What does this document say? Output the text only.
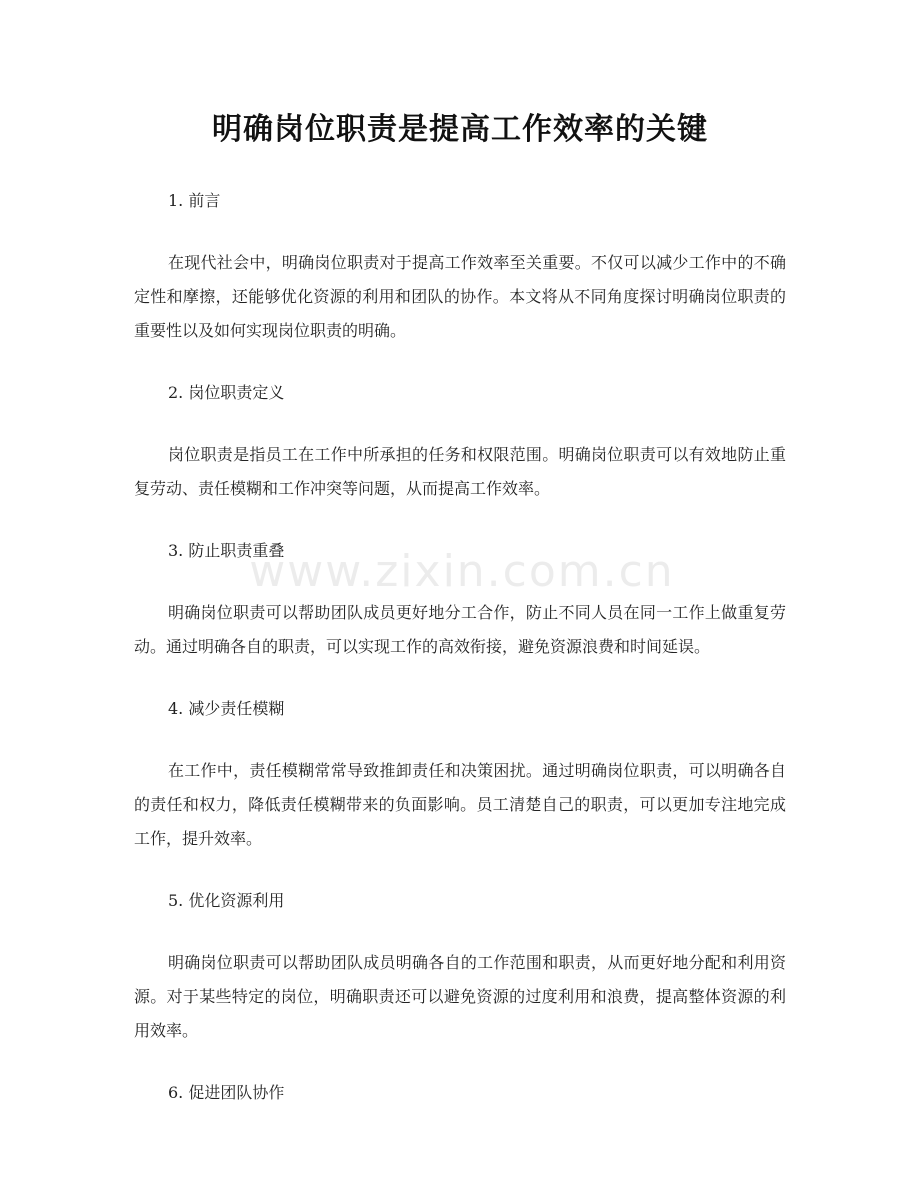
明确岗位职责是提高工作效率的关键

1. 前言

在现代社会中，明确岗位职责对于提高工作效率至关重要。不仅可以减少工作中的不确定性和摩擦，还能够优化资源的利用和团队的协作。本文将从不同角度探讨明确岗位职责的重要性以及如何实现岗位职责的明确。

2. 岗位职责定义

岗位职责是指员工在工作中所承担的任务和权限范围。明确岗位职责可以有效地防止重复劳动、责任模糊和工作冲突等问题，从而提高工作效率。

3. 防止职责重叠

明确岗位职责可以帮助团队成员更好地分工合作，防止不同人员在同一工作上做重复劳动。通过明确各自的职责，可以实现工作的高效衔接，避免资源浪费和时间延误。

4. 减少责任模糊

在工作中，责任模糊常常导致推卸责任和决策困扰。通过明确岗位职责，可以明确各自的责任和权力，降低责任模糊带来的负面影响。员工清楚自己的职责，可以更加专注地完成工作，提升效率。

5. 优化资源利用

明确岗位职责可以帮助团队成员明确各自的工作范围和职责，从而更好地分配和利用资源。对于某些特定的岗位，明确职责还可以避免资源的过度利用和浪费，提高整体资源的利用效率。

6. 促进团队协作

www.zixin.com.cn
